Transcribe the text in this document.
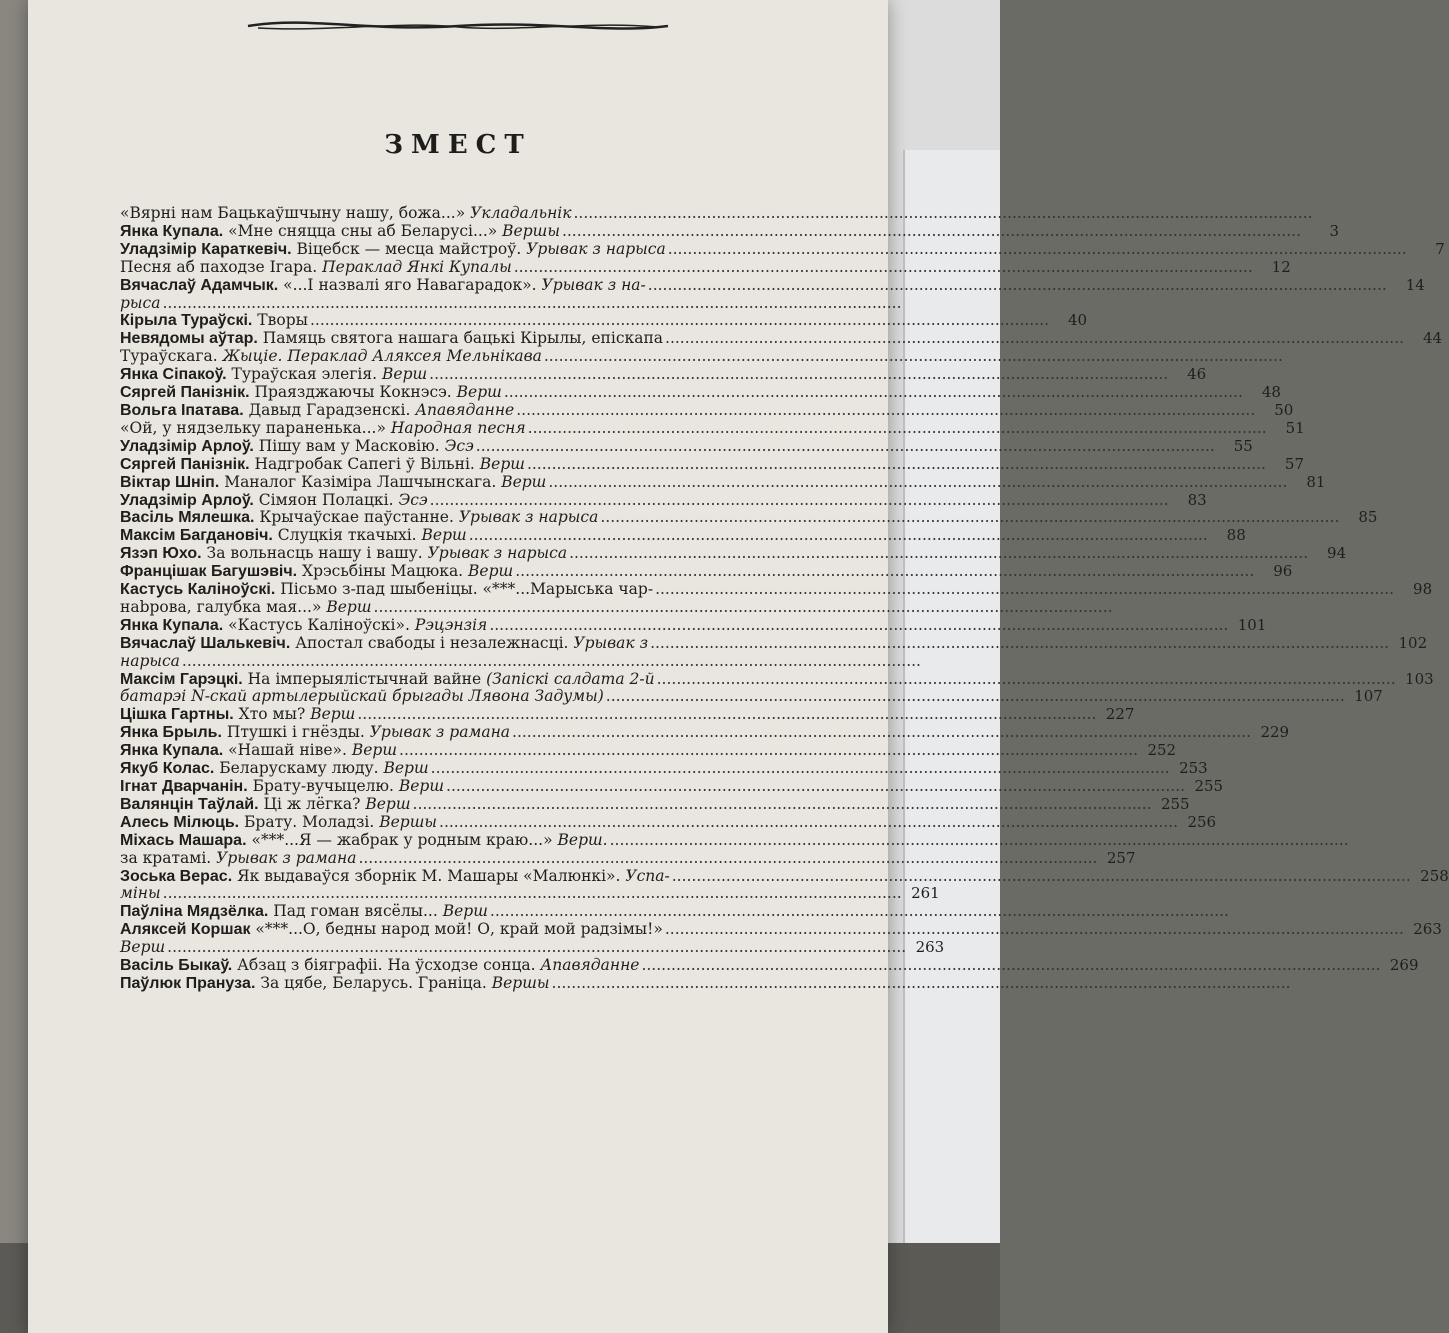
ЗМЕСТ
«Вярні нам Бацькаўшчыну нашу, божа...» Укладальнік
.....
Янка Купала. «Мне сняцца сны аб Беларусі...» Вершы .....	3
Уладзімір Караткевіч. Віцебск — месца майстроў. Урывак з нарыса .....	7
Песня аб паходзе Ігара. Пераклад Янкі Купалы .....	12
Вячаслаў Адамчык. «...І назвалі яго Навагарадок». Урывак з на- .....	14
рыса
.....
Кірыла Тураўскі. Творы .....	40
Невядомы аўтар. Памяць святога нашага бацькі Кірылы, епіскапа .....	44
Тураўскага. Жыціе. Пераклад Аляксея Мельнікава
.....
Янка Сіпакоў. Тураўская элегія. Верш .....	46
Сяргей Панізнік. Праязджаючы Кокнэсэ. Верш .....	48
Вольга Іпатава. Давыд Гарадзенскі. Апавяданне .....	50
«Ой, у нядзельку параненька...» Народная песня .....	51
Уладзімір Арлоў. Пішу вам у Масковію. Эсэ .....	55
Сяргей Панізнік. Надгробак Сапегі ў Вільні. Верш .....	57
Віктар Шніп. Маналог Казіміра Лашчынскага. Верш .....	81
Уладзімір Арлоў. Сімяон Полацкі. Эсэ .....	83
Васіль Мялешка. Крычаўскае паўстанне. Урывак з нарыса .....	85
Максім Багдановіч. Слуцкія ткачыхі. Верш .....	88
Язэп Юхо. За вольнасць нашу і вашу. Урывак з нарыса .....	94
Францішак Багушэвіч. Хрэсьбіны Мацюка. Верш .....	96
Кастусь Каліноўскі. Пісьмо з-пад шыбеніцы. «***...Марыська чар- .....	98
нabрова, галубка мая...» Верш
.....
Янка Купала. «Кастусь Каліноўскі». Рэцэнзія .....	101
Вячаслаў Шалькевіч. Апостал свабоды і незалежнасці. Урывак з .....	102
нарыса
.....
Максім Гарэцкі. На імперыялістычнай вайне (Запіскі салдата 2-й .....	103
батарэі N-скай артылерыйскай брыгады Лявона Задумы) .....	107
Цішка Гартны. Хто мы? Верш .....	227
Янка Брыль. Птушкі і гнёзды. Урывак з рамана .....	229
Янка Купала. «Нашай ніве». Верш .....	252
Якуб Колас. Беларускаму люду. Верш .....	253
Ігнат Дварчанін. Брату-вучыцелю. Верш .....	255
Валянцін Таўлай. Ці ж лёгка? Верш .....	255
Алесь Мілюць. Брату. Моладзі. Вершы .....	256
Міхась Машара. «***...Я — жабрак у родным краю...» Верш.
.....
за кратамі. Урывак з рамана .....	257
Зоська Верас. Як выдаваўся зборнік М. Машары «Малюнкі». Успа- .....	258
міны .....	261
Паўліна Мядзёлка. Пад гоман вясёлы... Верш
.....
Аляксей Коршак «***...О, бедны народ мой! О, край мой радзімы!» .....	263
Верш .....	263
Васіль Быкаў. Абзац з біяграфіі. На ўсходзе сонца. Апавяданне .....	269
Паўлюк Пранузa. За цябе, Беларусь. Граніца. Вершы
.....
